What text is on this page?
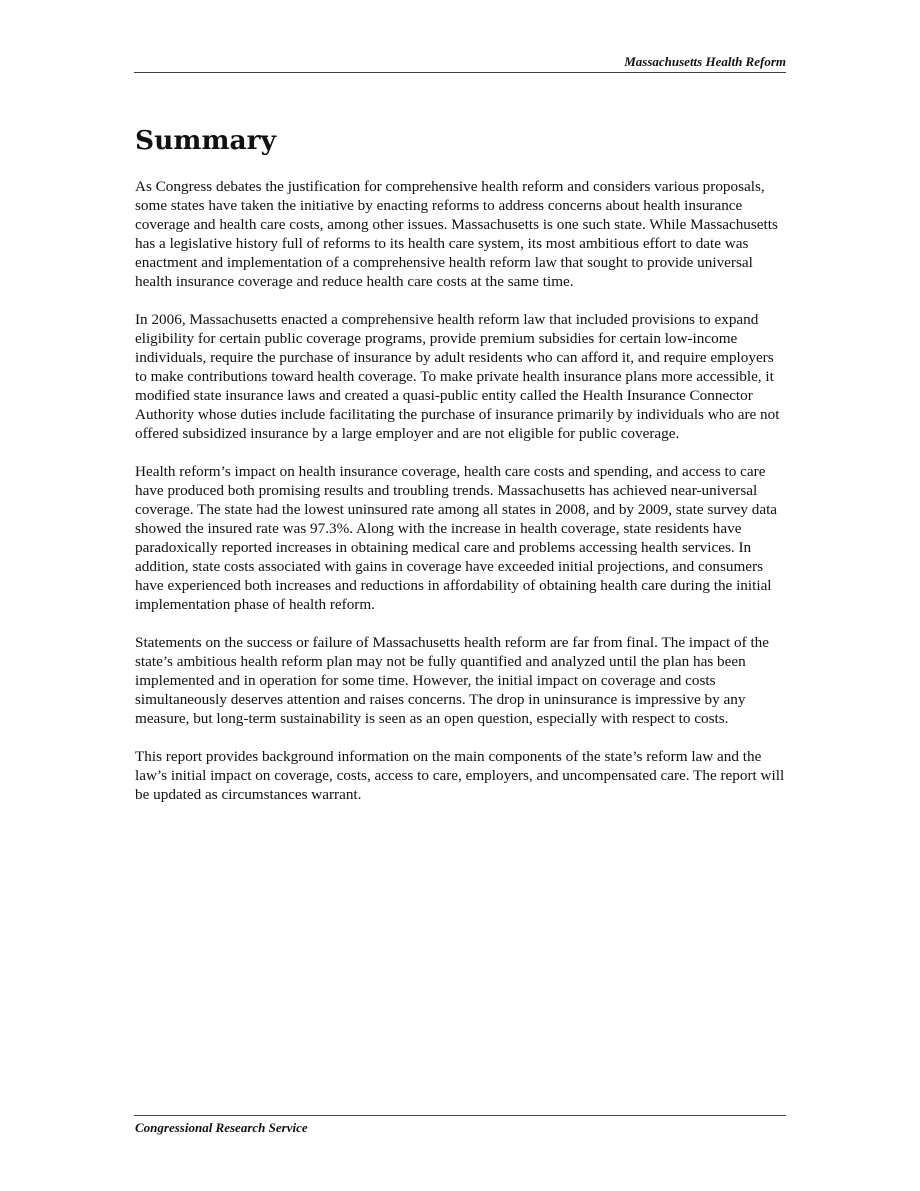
Massachusetts Health Reform
Summary

As Congress debates the justification for comprehensive health reform and considers various proposals, some states have taken the initiative by enacting reforms to address concerns about health insurance coverage and health care costs, among other issues. Massachusetts is one such state. While Massachusetts has a legislative history full of reforms to its health care system, its most ambitious effort to date was enactment and implementation of a comprehensive health reform law that sought to provide universal health insurance coverage and reduce health care costs at the same time.

In 2006, Massachusetts enacted a comprehensive health reform law that included provisions to expand eligibility for certain public coverage programs, provide premium subsidies for certain low-income individuals, require the purchase of insurance by adult residents who can afford it, and require employers to make contributions toward health coverage. To make private health insurance plans more accessible, it modified state insurance laws and created a quasi-public entity called the Health Insurance Connector Authority whose duties include facilitating the purchase of insurance primarily by individuals who are not offered subsidized insurance by a large employer and are not eligible for public coverage.

Health reform’s impact on health insurance coverage, health care costs and spending, and access to care have produced both promising results and troubling trends. Massachusetts has achieved near-universal coverage. The state had the lowest uninsured rate among all states in 2008, and by 2009, state survey data showed the insured rate was 97.3%. Along with the increase in health coverage, state residents have paradoxically reported increases in obtaining medical care and problems accessing health services. In addition, state costs associated with gains in coverage have exceeded initial projections, and consumers have experienced both increases and reductions in affordability of obtaining health care during the initial implementation phase of health reform.

Statements on the success or failure of Massachusetts health reform are far from final. The impact of the state’s ambitious health reform plan may not be fully quantified and analyzed until the plan has been implemented and in operation for some time. However, the initial impact on coverage and costs simultaneously deserves attention and raises concerns. The drop in uninsurance is impressive by any measure, but long-term sustainability is seen as an open question, especially with respect to costs.

This report provides background information on the main components of the state’s reform law and the law’s initial impact on coverage, costs, access to care, employers, and uncompensated care. The report will be updated as circumstances warrant.

Congressional Research Service
